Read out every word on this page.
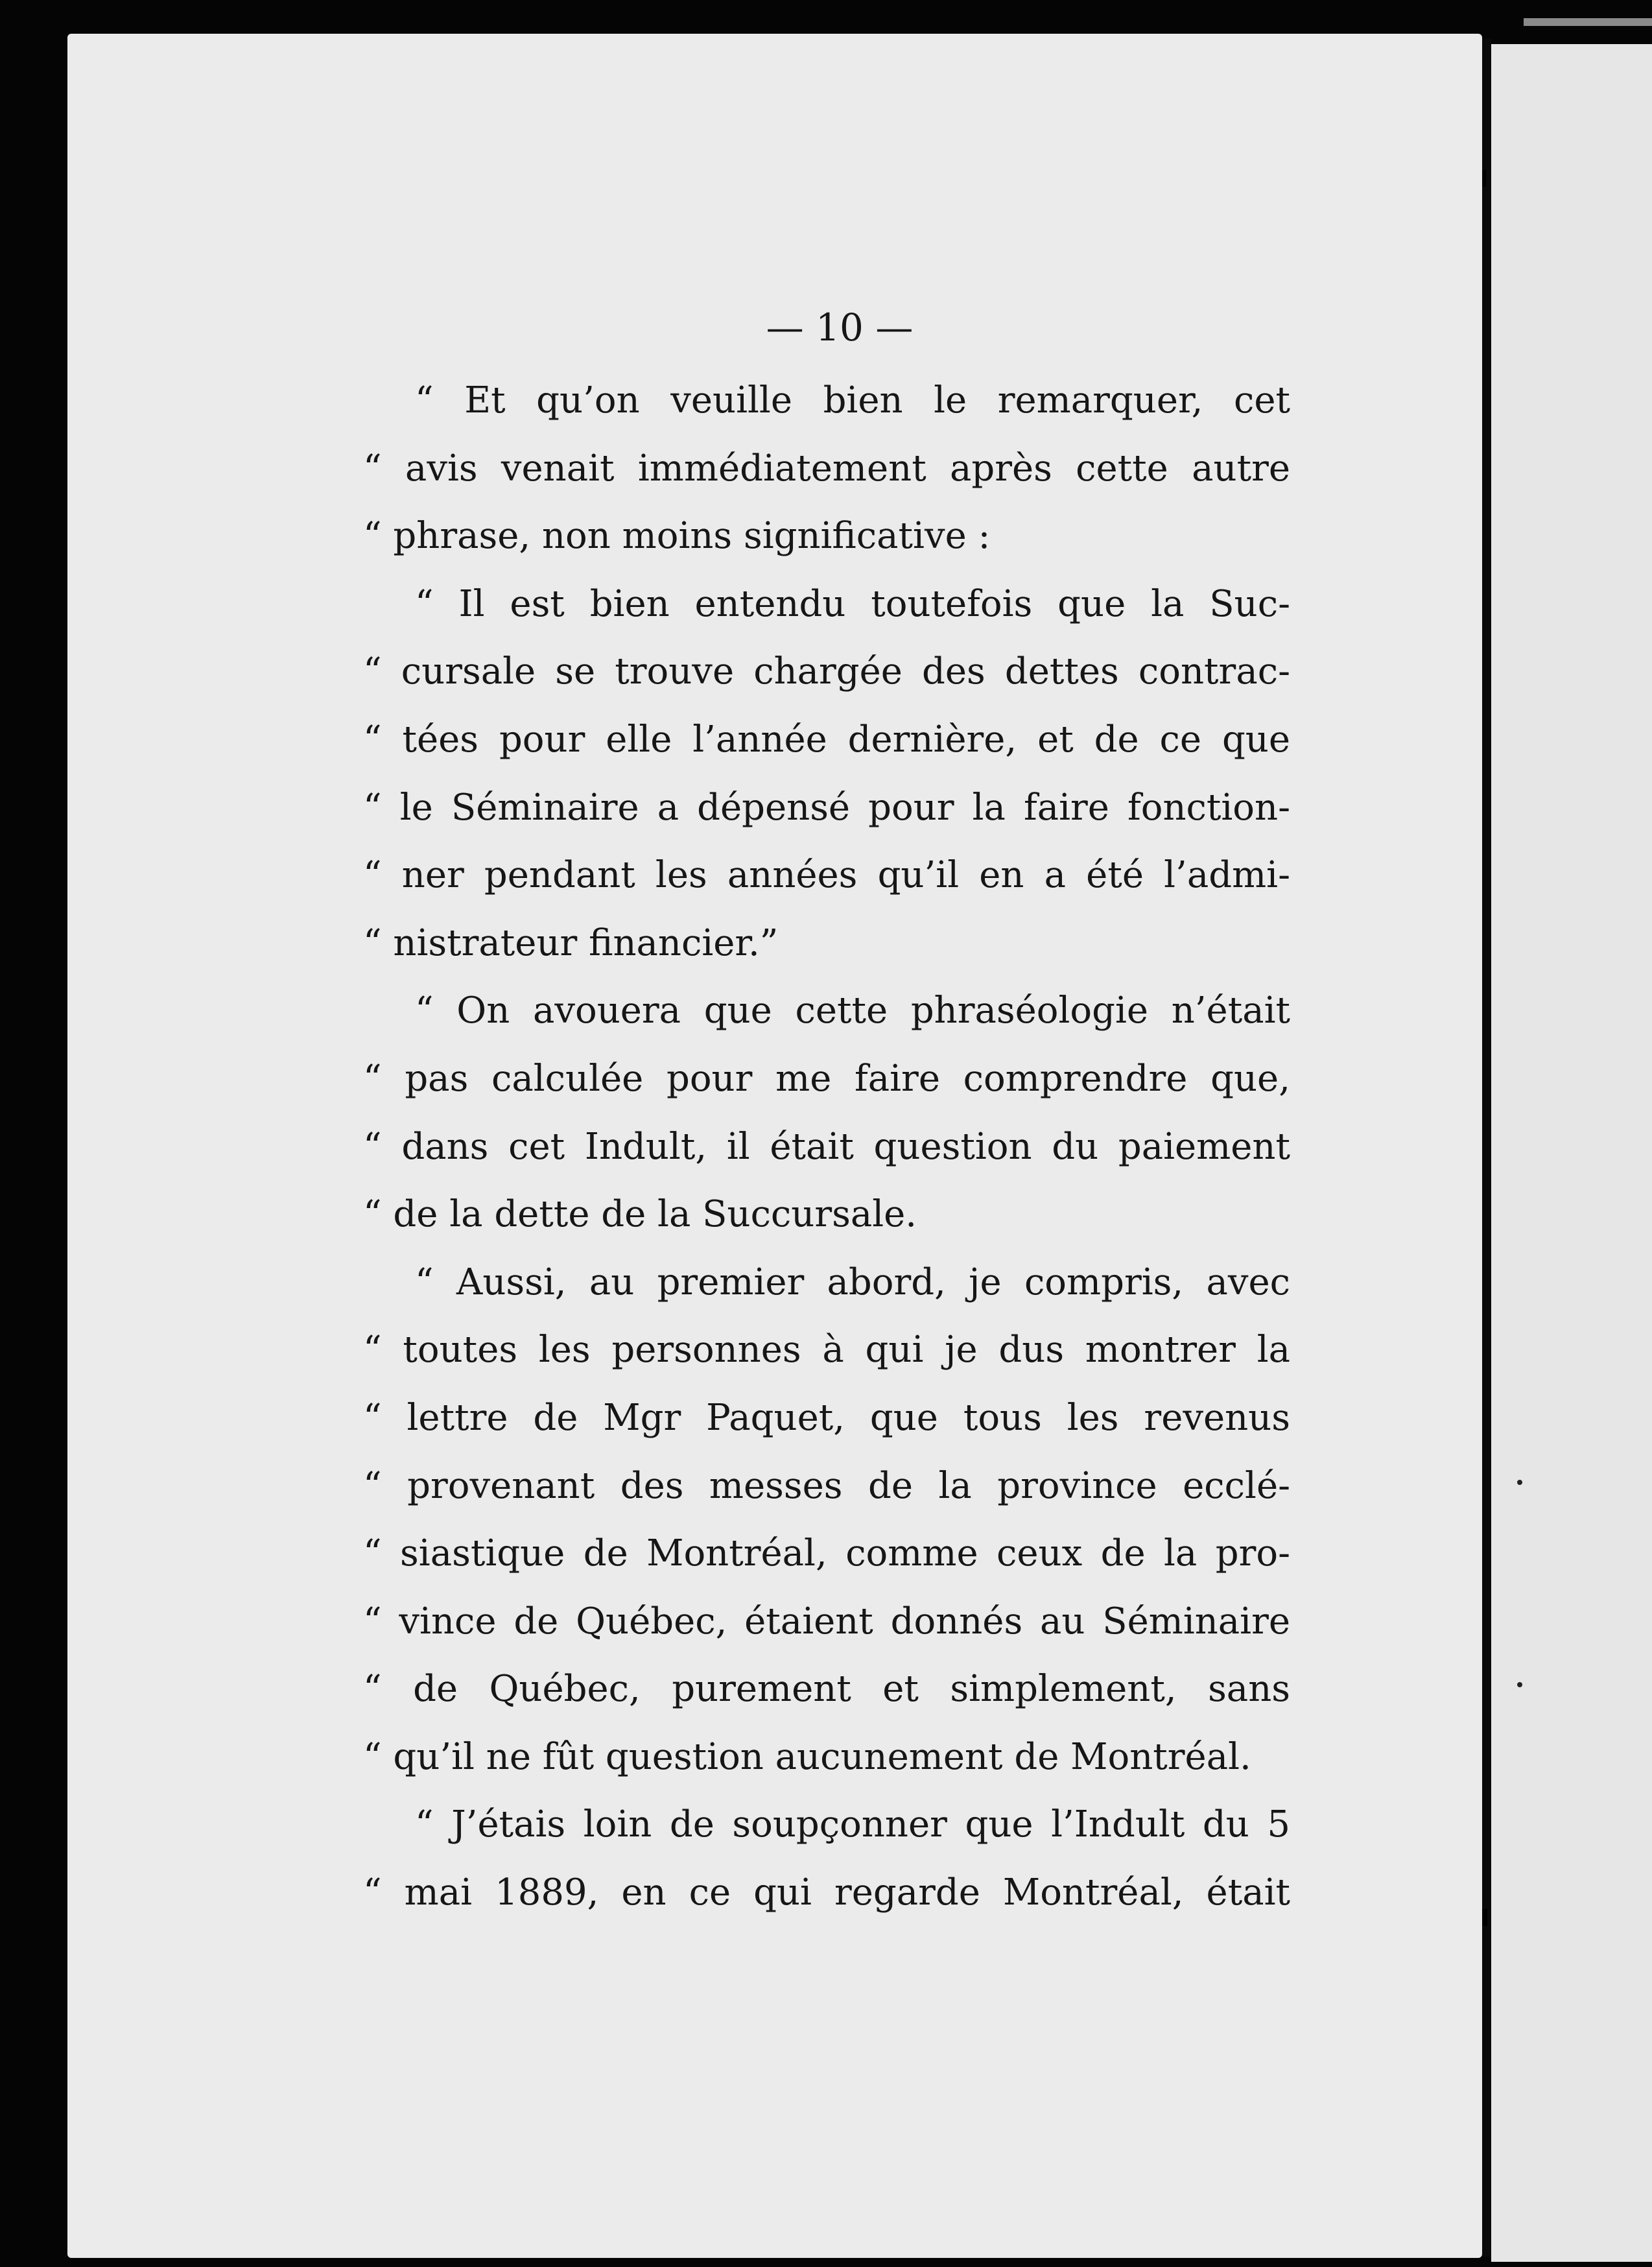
— 10 —
“ Et qu’on veuille bien le remarquer, cet
“ avis venait immédiatement après cette autre
“ phrase, non moins significative :
“ Il est bien entendu toutefois que la Suc-
“ cursale se trouve chargée des dettes contrac-
“ tées pour elle l’année dernière, et de ce que
“ le Séminaire a dépensé pour la faire fonction-
“ ner pendant les années qu’il en a été l’admi-
“ nistrateur financier.”
“ On avouera que cette phraséologie n’était
“ pas calculée pour me faire comprendre que,
“ dans cet Indult, il était question du paiement
“ de la dette de la Succursale.
“ Aussi, au premier abord, je compris, avec
“ toutes les personnes à qui je dus montrer la
“ lettre de Mgr Paquet, que tous les revenus
“ provenant des messes de la province ecclé-
“ siastique de Montréal, comme ceux de la pro-
“ vince de Québec, étaient donnés au Séminaire
“ de Québec, purement et simplement, sans
“ qu’il ne fût question aucunement de Montréal.
“ J’étais loin de soupçonner que l’Indult du 5
“ mai 1889, en ce qui regarde Montréal, était
